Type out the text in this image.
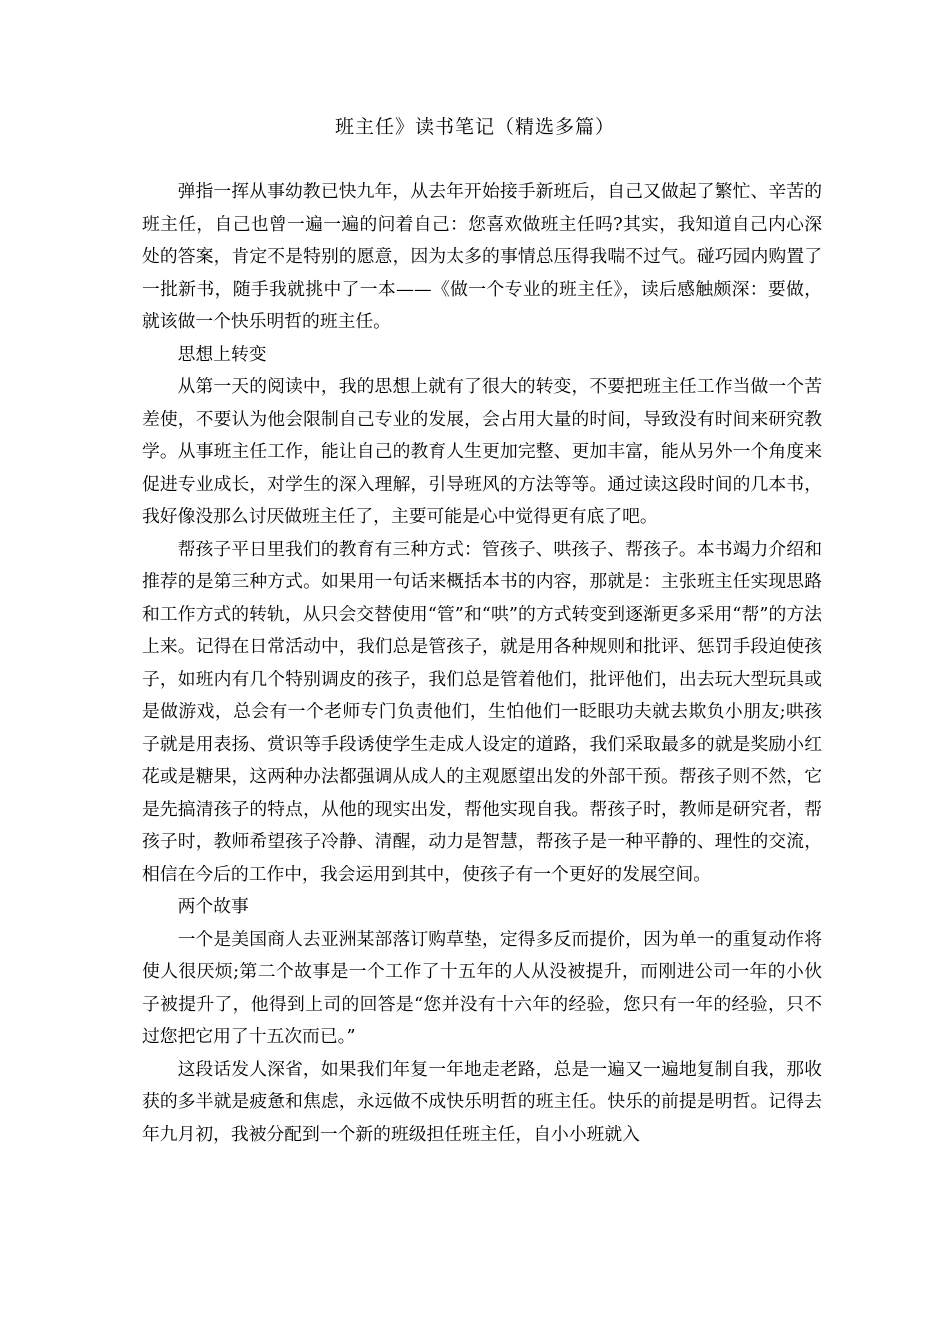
班主任》读书笔记（精选多篇）

弹指一挥从事幼教已快九年，从去年开始接手新班后，自己又做起了繁忙、辛苦的班主任，自己也曾一遍一遍的问着自己：您喜欢做班主任吗?其实，我知道自己内心深处的答案，肯定不是特别的愿意，因为太多的事情总压得我喘不过气。碰巧园内购置了一批新书，随手我就挑中了一本——《做一个专业的班主任》，读后感触颇深：要做，就该做一个快乐明哲的班主任。

思想上转变

从第一天的阅读中，我的思想上就有了很大的转变，不要把班主任工作当做一个苦差使，不要认为他会限制自己专业的发展，会占用大量的时间，导致没有时间来研究教学。从事班主任工作，能让自己的教育人生更加完整、更加丰富，能从另外一个角度来促进专业成长，对学生的深入理解，引导班风的方法等等。通过读这段时间的几本书，我好像没那么讨厌做班主任了，主要可能是心中觉得更有底了吧。

帮孩子平日里我们的教育有三种方式：管孩子、哄孩子、帮孩子。本书竭力介绍和推荐的是第三种方式。如果用一句话来概括本书的内容，那就是：主张班主任实现思路和工作方式的转轨，从只会交替使用“管”和“哄”的方式转变到逐渐更多采用“帮”的方法上来。记得在日常活动中，我们总是管孩子，就是用各种规则和批评、惩罚手段迫使孩子，如班内有几个特别调皮的孩子，我们总是管着他们，批评他们，出去玩大型玩具或是做游戏，总会有一个老师专门负责他们，生怕他们一眨眼功夫就去欺负小朋友;哄孩子就是用表扬、赏识等手段诱使学生走成人设定的道路，我们采取最多的就是奖励小红花或是糖果，这两种办法都强调从成人的主观愿望出发的外部干预。帮孩子则不然，它是先搞清孩子的特点，从他的现实出发，帮他实现自我。帮孩子时，教师是研究者，帮孩子时，教师希望孩子冷静、清醒，动力是智慧，帮孩子是一种平静的、理性的交流，相信在今后的工作中，我会运用到其中，使孩子有一个更好的发展空间。

两个故事

一个是美国商人去亚洲某部落订购草垫，定得多反而提价，因为单一的重复动作将使人很厌烦;第二个故事是一个工作了十五年的人从没被提升，而刚进公司一年的小伙子被提升了，他得到上司的回答是“您并没有十六年的经验，您只有一年的经验，只不过您把它用了十五次而已。”

这段话发人深省，如果我们年复一年地走老路，总是一遍又一遍地复制自我，那收获的多半就是疲惫和焦虑，永远做不成快乐明哲的班主任。快乐的前提是明哲。记得去年九月初，我被分配到一个新的班级担任班主任，自小小班就入
